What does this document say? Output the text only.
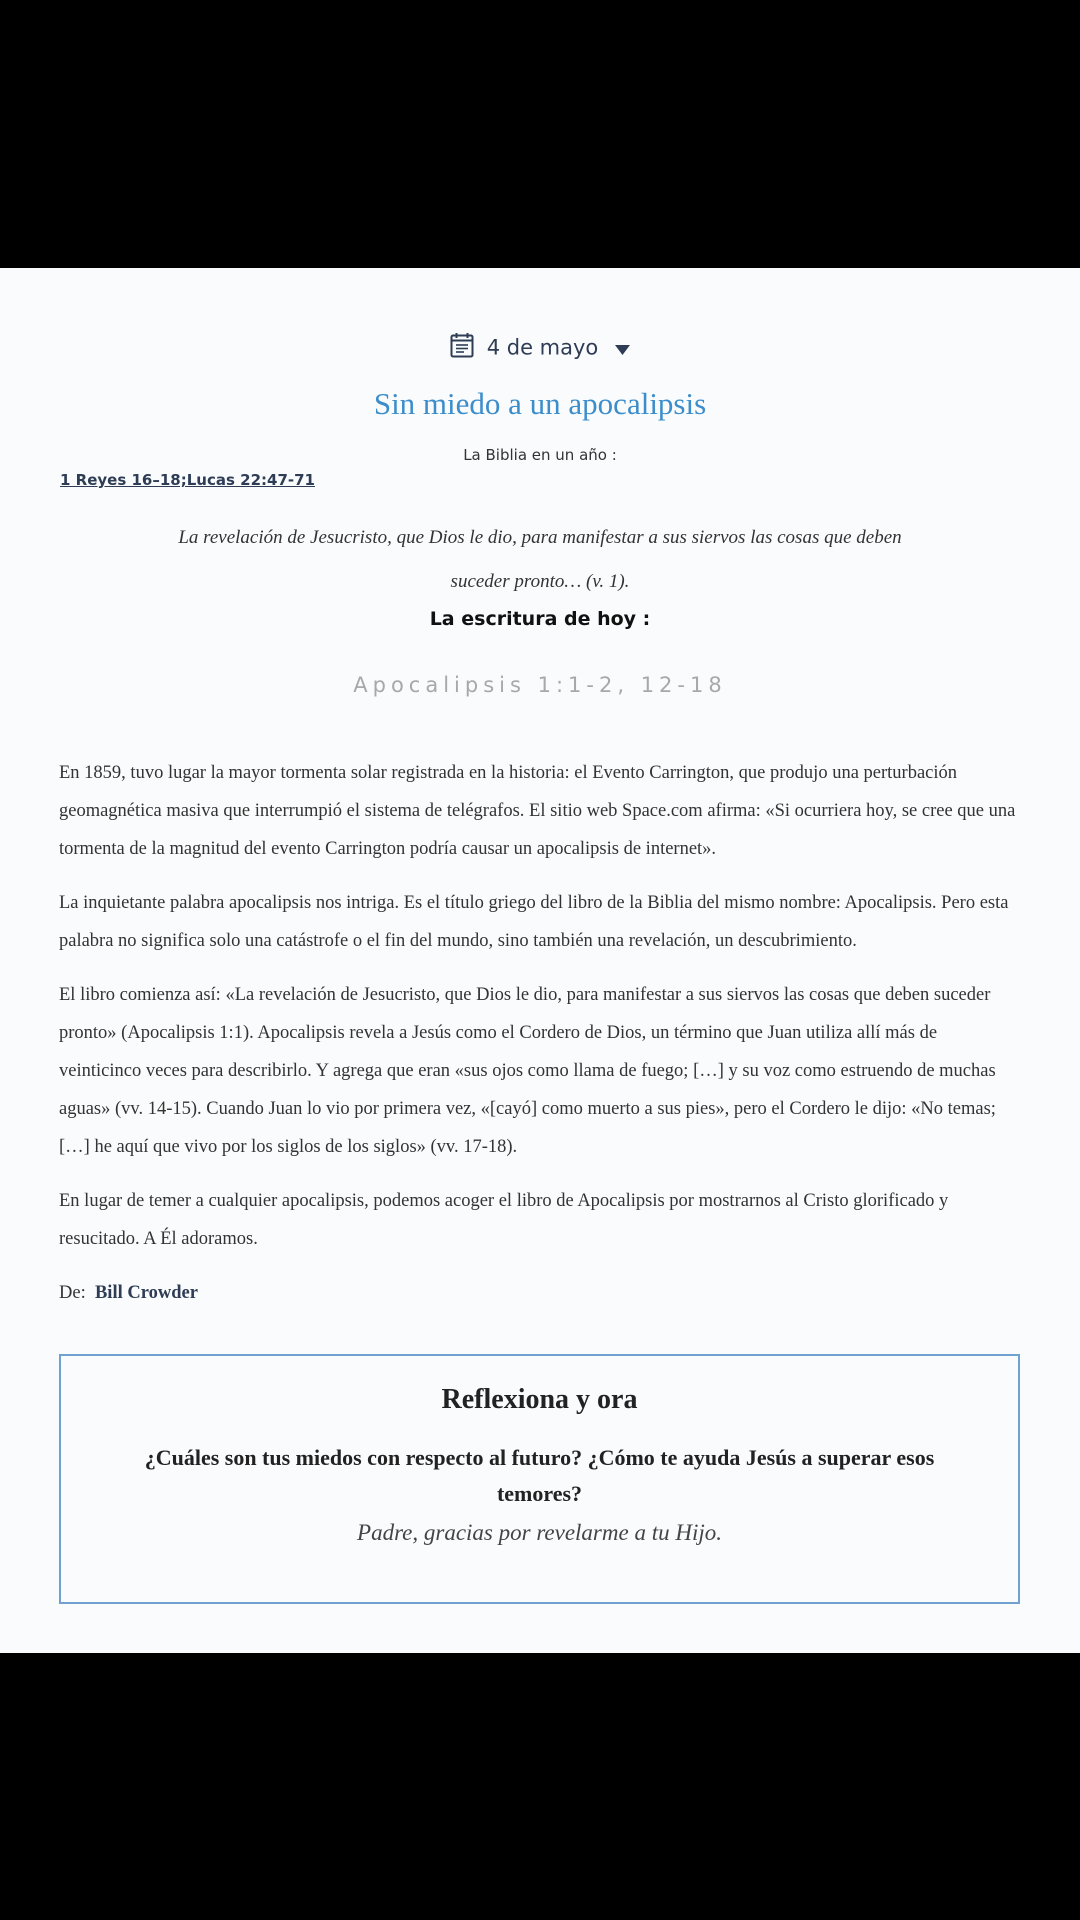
4 de mayo
Sin miedo a un apocalipsis
La Biblia en un año :
1 Reyes 16–18;Lucas 22:47-71
La revelación de Jesucristo, que Dios le dio, para manifestar a sus siervos las cosas que deben suceder pronto… (v. 1).
La escritura de hoy :
Apocalipsis 1:1-2, 12-18

En 1859, tuvo lugar la mayor tormenta solar registrada en la historia: el Evento Carrington, que produjo una perturbación geomagnética masiva que interrumpió el sistema de telégrafos. El sitio web Space.com afirma: «Si ocurriera hoy, se cree que una tormenta de la magnitud del evento Carrington podría causar un apocalipsis de internet».

La inquietante palabra apocalipsis nos intriga. Es el título griego del libro de la Biblia del mismo nombre: Apocalipsis. Pero esta palabra no significa solo una catástrofe o el fin del mundo, sino también una revelación, un descubrimiento.

El libro comienza así: «La revelación de Jesucristo, que Dios le dio, para manifestar a sus siervos las cosas que deben suceder pronto» (Apocalipsis 1:1). Apocalipsis revela a Jesús como el Cordero de Dios, un término que Juan utiliza allí más de veinticinco veces para describirlo. Y agrega que eran «sus ojos como llama de fuego; […] y su voz como estruendo de muchas aguas» (vv. 14-15). Cuando Juan lo vio por primera vez, «[cayó] como muerto a sus pies», pero el Cordero le dijo: «No temas; […] he aquí que vivo por los siglos de los siglos» (vv. 17-18).

En lugar de temer a cualquier apocalipsis, podemos acoger el libro de Apocalipsis por mostrarnos al Cristo glorificado y resucitado. A Él adoramos.

De: Bill Crowder

Reflexiona y ora
¿Cuáles son tus miedos con respecto al futuro? ¿Cómo te ayuda Jesús a superar esos temores?
Padre, gracias por revelarme a tu Hijo.
